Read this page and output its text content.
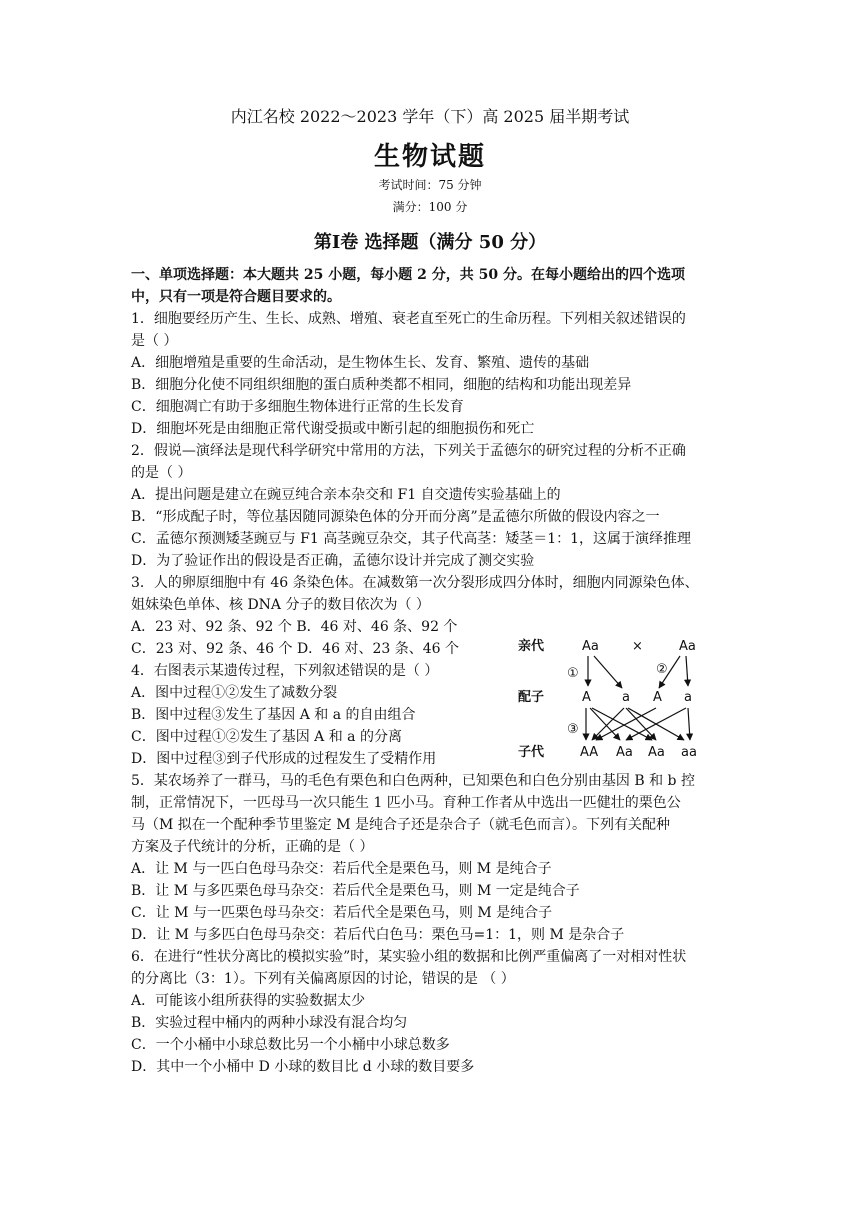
内江名校 2022～2023 学年（下）高 2025 届半期考试
生物试题
考试时间：75 分钟
满分：100 分
第Ⅰ卷 选择题（满分 50 分）
一、单项选择题：本大题共 25 小题，每小题 2 分，共 50 分。在每小题给出的四个选项
中，只有一项是符合题目要求的。
1．细胞要经历产生、生长、成熟、增殖、衰老直至死亡的生命历程。下列相关叙述错误的
是（ ）
A．细胞增殖是重要的生命活动，是生物体生长、发育、繁殖、遗传的基础
B．细胞分化使不同组织细胞的蛋白质种类都不相同，细胞的结构和功能出现差异
C．细胞凋亡有助于多细胞生物体进行正常的生长发育
D．细胞坏死是由细胞正常代谢受损或中断引起的细胞损伤和死亡
2．假说—演绎法是现代科学研究中常用的方法，下列关于孟德尔的研究过程的分析不正确
的是（ ）
A．提出问题是建立在豌豆纯合亲本杂交和 F1 自交遗传实验基础上的
B．“形成配子时，等位基因随同源染色体的分开而分离”是孟德尔所做的假设内容之一
C．孟德尔预测矮茎豌豆与 F1 高茎豌豆杂交，其子代高茎：矮茎＝1：1，这属于演绎推理
D．为了验证作出的假设是否正确，孟德尔设计并完成了测交实验
3．人的卵原细胞中有 46 条染色体。在减数第一次分裂形成四分体时，细胞内同源染色体、
姐妹染色单体、核 DNA 分子的数目依次为（ ）
A．23 对、92 条、92 个 B．46 对、46 条、92 个
C．23 对、92 条、46 个 D．46 对、23 条、46 个
4．右图表示某遗传过程，下列叙述错误的是（ ）
A．图中过程①②发生了减数分裂
B．图中过程③发生了基因 A 和 a 的自由组合
C．图中过程①②发生了基因 A 和 a 的分离
D．图中过程③到子代形成的过程发生了受精作用
5．某农场养了一群马，马的毛色有栗色和白色两种，已知栗色和白色分别由基因 B 和 b 控
制，正常情况下，一匹母马一次只能生 1 匹小马。育种工作者从中选出一匹健壮的栗色公
马（M 拟在一个配种季节里鉴定 M 是纯合子还是杂合子（就毛色而言）。下列有关配种
方案及子代统计的分析，正确的是（ ）
A．让 M 与一匹白色母马杂交：若后代全是栗色马，则 M 是纯合子
B．让 M 与多匹栗色母马杂交：若后代全是栗色马，则 M 一定是纯合子
C．让 M 与一匹栗色母马杂交：若后代全是栗色马，则 M 是纯合子
D．让 M 与多匹白色母马杂交：若后代白色马：栗色马=1：1，则 M 是杂合子
6．在进行“性状分离比的模拟实验”时，某实验小组的数据和比例严重偏离了一对相对性状
的分离比（3：1）。下列有关偏离原因的讨论，错误的是 （ ）
A．可能该小组所获得的实验数据太少
B．实验过程中桶内的两种小球没有混合均匀
C．一个小桶中小球总数比另一个小桶中小球总数多
D．其中一个小桶中 D 小球的数目比 d 小球的数目要多
亲代
配子
子代
Aa	×	Aa
①	②
③
A a A a
AA Aa Aa aa
